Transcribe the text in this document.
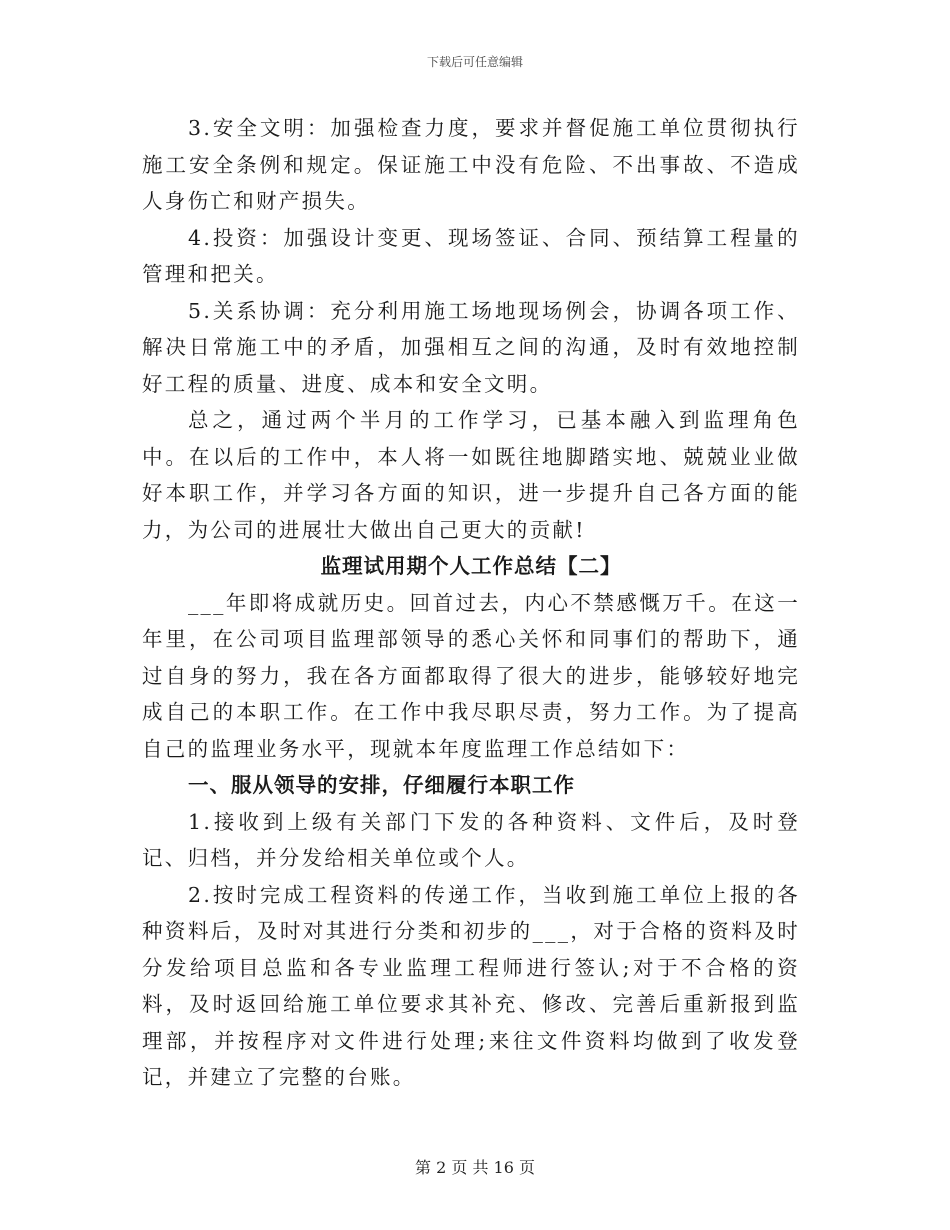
下载后可任意编辑

3.安全文明：加强检查力度，要求并督促施工单位贯彻执行施工安全条例和规定。保证施工中没有危险、不出事故、不造成人身伤亡和财产损失。

4.投资：加强设计变更、现场签证、合同、预结算工程量的管理和把关。

5.关系协调：充分利用施工场地现场例会，协调各项工作、解决日常施工中的矛盾，加强相互之间的沟通，及时有效地控制好工程的质量、进度、成本和安全文明。

总之，通过两个半月的工作学习，已基本融入到监理角色中。在以后的工作中，本人将一如既往地脚踏实地、兢兢业业做好本职工作，并学习各方面的知识，进一步提升自己各方面的能力，为公司的进展壮大做出自己更大的贡献!

监理试用期个人工作总结【二】

___年即将成就历史。回首过去，内心不禁感慨万千。在这一年里，在公司项目监理部领导的悉心关怀和同事们的帮助下，通过自身的努力，我在各方面都取得了很大的进步，能够较好地完成自己的本职工作。在工作中我尽职尽责，努力工作。为了提高自己的监理业务水平，现就本年度监理工作总结如下：

一、服从领导的安排，仔细履行本职工作

1.接收到上级有关部门下发的各种资料、文件后，及时登记、归档，并分发给相关单位或个人。

2.按时完成工程资料的传递工作，当收到施工单位上报的各种资料后，及时对其进行分类和初步的___，对于合格的资料及时分发给项目总监和各专业监理工程师进行签认;对于不合格的资料，及时返回给施工单位要求其补充、修改、完善后重新报到监理部，并按程序对文件进行处理;来往文件资料均做到了收发登记，并建立了完整的台账。

第 2 页 共 16 页
